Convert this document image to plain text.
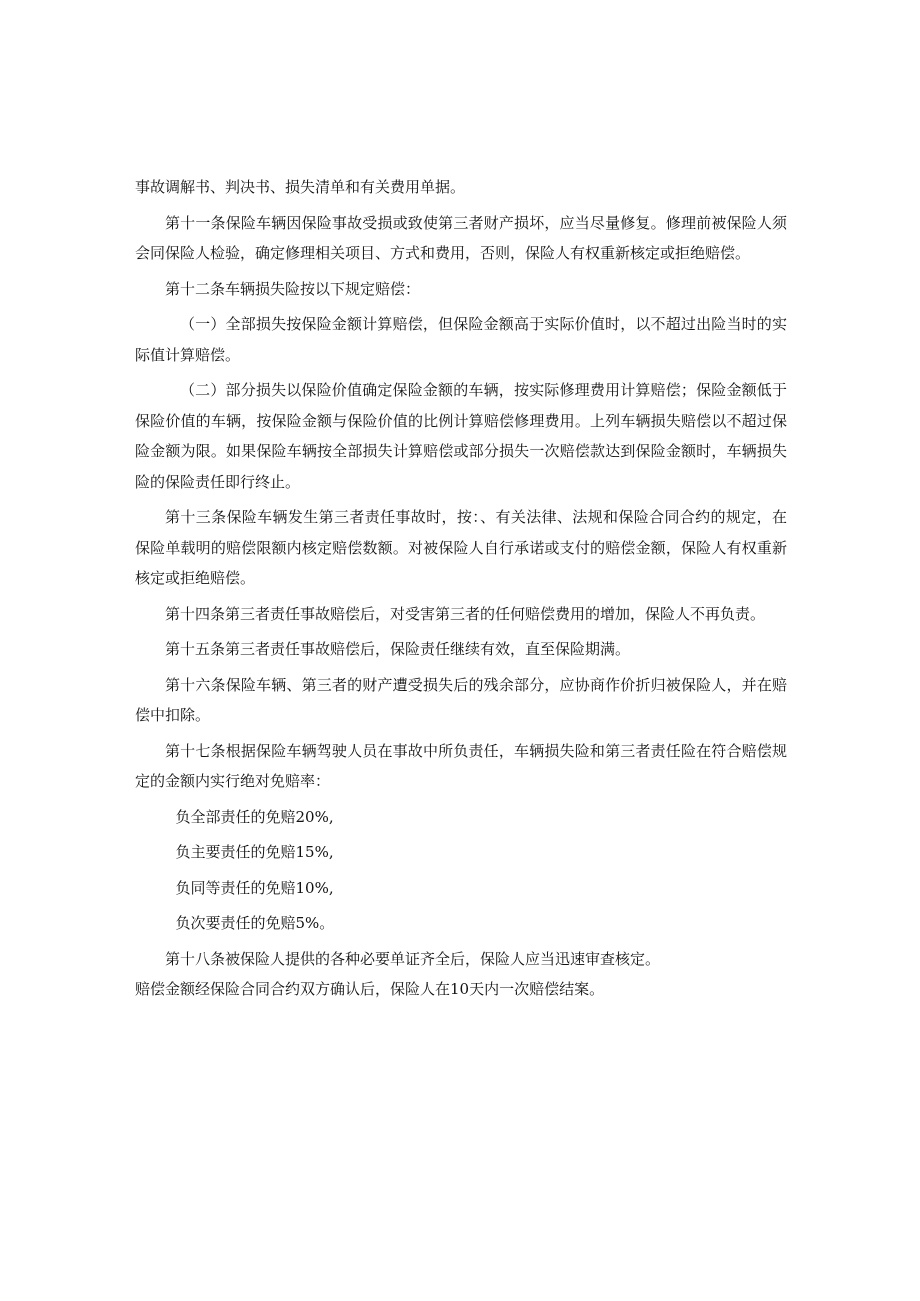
事故调解书、判决书、损失清单和有关费用单据。

第十一条保险车辆因保险事故受损或致使第三者财产损坏，应当尽量修复。修理前被保险人须会同保险人检验，确定修理相关项目、方式和费用，否则，保险人有权重新核定或拒绝赔偿。

第十二条车辆损失险按以下规定赔偿：

（一）全部损失按保险金额计算赔偿，但保险金额高于实际价值时，以不超过出险当时的实际值计算赔偿。

（二）部分损失以保险价值确定保险金额的车辆，按实际修理费用计算赔偿；保险金额低于保险价值的车辆，按保险金额与保险价值的比例计算赔偿修理费用。上列车辆损失赔偿以不超过保险金额为限。如果保险车辆按全部损失计算赔偿或部分损失一次赔偿款达到保险金额时，车辆损失险的保险责任即行终止。

第十三条保险车辆发生第三者责任事故时，按：、有关法律、法规和保险合同合约的规定，在保险单载明的赔偿限额内核定赔偿数额。对被保险人自行承诺或支付的赔偿金额，保险人有权重新核定或拒绝赔偿。

第十四条第三者责任事故赔偿后，对受害第三者的任何赔偿费用的增加，保险人不再负责。

第十五条第三者责任事故赔偿后，保险责任继续有效，直至保险期满。

第十六条保险车辆、第三者的财产遭受损失后的残余部分，应协商作价折归被保险人，并在赔偿中扣除。

第十七条根据保险车辆驾驶人员在事故中所负责任，车辆损失险和第三者责任险在符合赔偿规定的金额内实行绝对免赔率：

负全部责任的免赔20%,

负主要责任的免赔15%,

负同等责任的免赔10%,

负次要责任的免赔5%。

第十八条被保险人提供的各种必要单证齐全后，保险人应当迅速审查核定。

赔偿金额经保险合同合约双方确认后，保险人在10天内一次赔偿结案。
